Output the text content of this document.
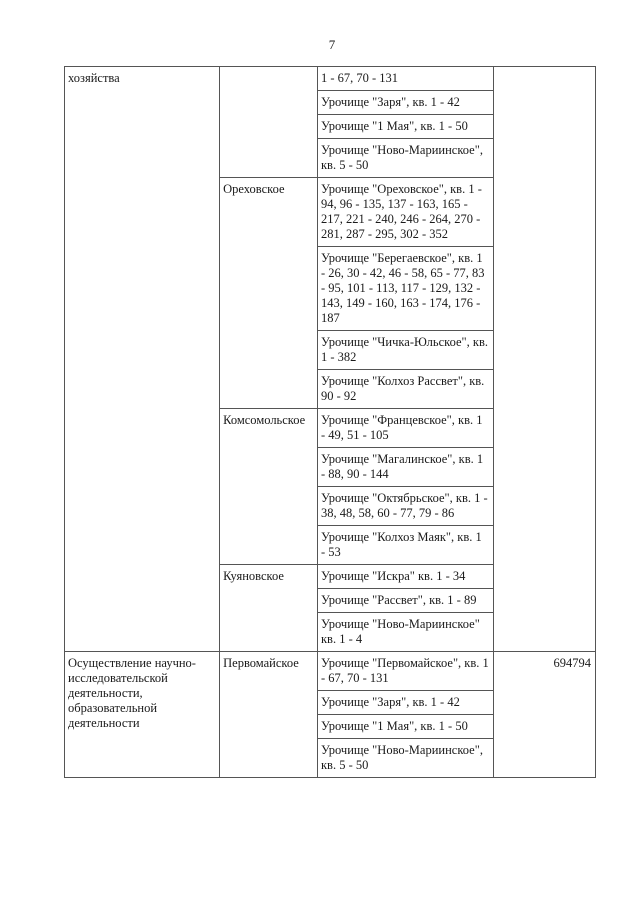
7
хозяйства		1 - 67, 70 - 131	
		Урочище "Заря", кв. 1 - 42	
		Урочище "1 Мая", кв. 1 - 50	
		Урочище "Ново-Мариинское", кв. 5 - 50	
	Ореховское	Урочище "Ореховское", кв. 1 - 94, 96 - 135, 137 - 163, 165 - 217, 221 - 240, 246 - 264, 270 - 281, 287 - 295, 302 - 352	
		Урочище "Берегаевское", кв. 1 - 26, 30 - 42, 46 - 58, 65 - 77, 83 - 95, 101 - 113, 117 - 129, 132 - 143, 149 - 160, 163 - 174, 176 - 187	
		Урочище "Чичка-Юльское", кв. 1 - 382	
		Урочище "Колхоз Рассвет", кв. 90 - 92	
	Комсомольское	Урочище "Францевское", кв. 1 - 49, 51 - 105	
		Урочище "Магалинское", кв. 1 - 88, 90 - 144	
		Урочище "Октябрьское", кв. 1 - 38, 48, 58, 60 - 77, 79 - 86	
		Урочище "Колхоз Маяк", кв. 1 - 53	
	Куяновское	Урочище "Искра" кв. 1 - 34	
		Урочище "Рассвет", кв. 1 - 89	
		Урочище "Ново-Мариинское" кв. 1 - 4	
Осуществление научно-исследовательской деятельности, образовательной деятельности	Первомайское	Урочище "Первомайское", кв. 1 - 67, 70 - 131	694794
		Урочище "Заря", кв. 1 - 42	
		Урочище "1 Мая", кв. 1 - 50	
		Урочище "Ново-Мариинское", кв. 5 - 50	
